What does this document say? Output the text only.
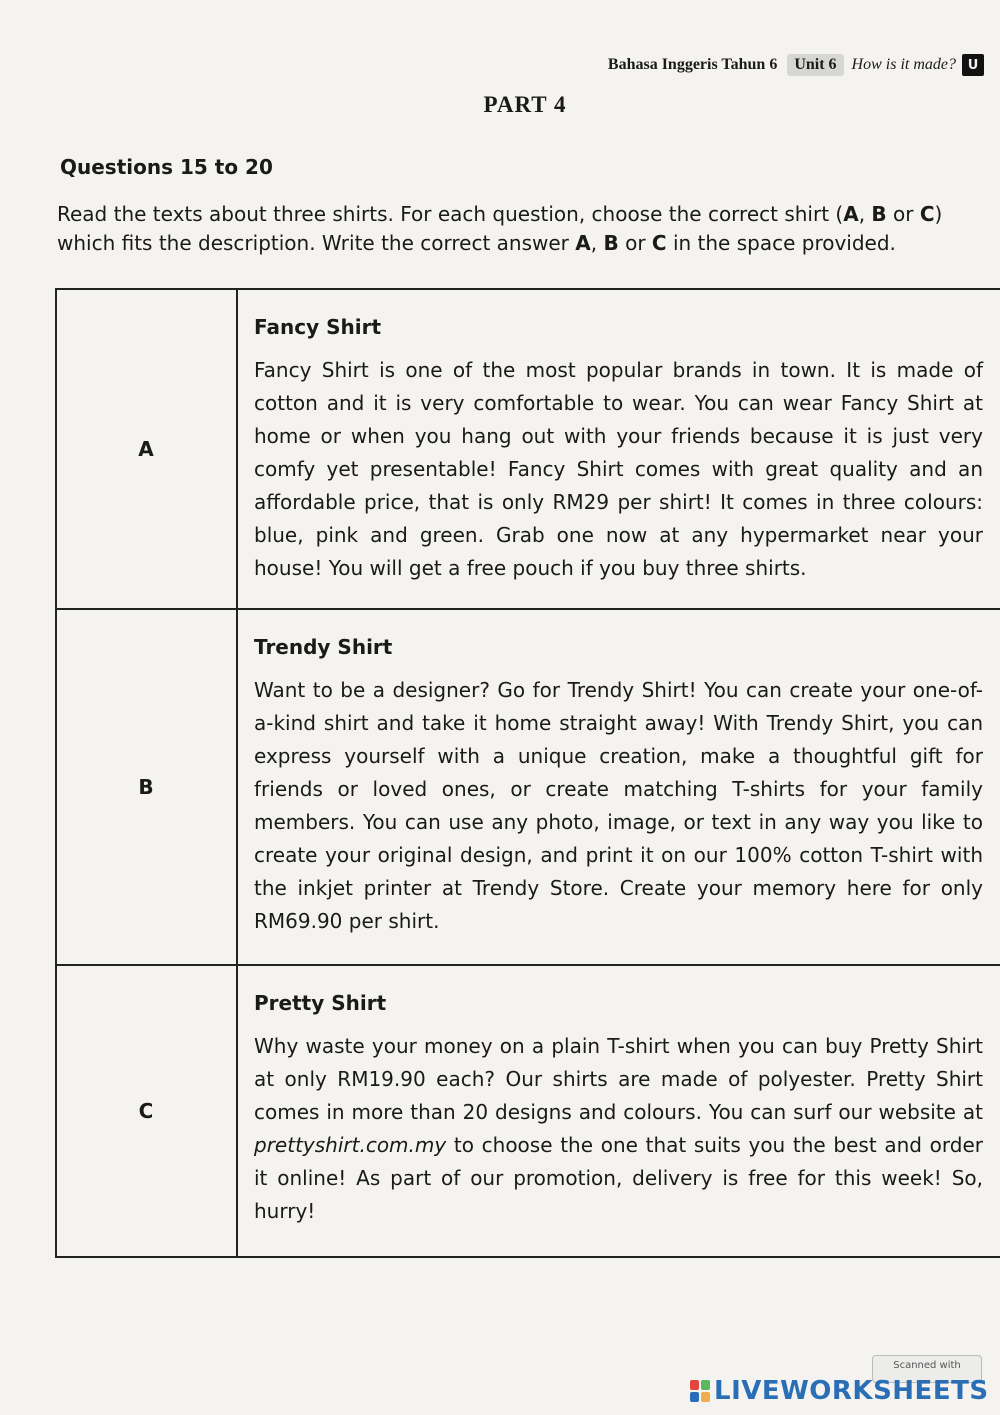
Bahasa Inggeris Tahun 6	Unit 6 How is it made? U
PART 4
Questions 15 to 20
Read the texts about three shirts. For each question, choose the correct shirt (A, B or C) which fits the description. Write the correct answer A, B or C in the space provided.
A	Fancy Shirt
Fancy Shirt is one of the most popular brands in town. It is made of cotton and it is very comfortable to wear. You can wear Fancy Shirt at home or when you hang out with your friends because it is just very comfy yet presentable! Fancy Shirt comes with great quality and an affordable price, that is only RM29 per shirt! It comes in three colours: blue, pink and green. Grab one now at any hypermarket near your house! You will get a free pouch if you buy three shirts.

B	Trendy Shirt
Want to be a designer? Go for Trendy Shirt! You can create your one-of-a-kind shirt and take it home straight away! With Trendy Shirt, you can express yourself with a unique creation, make a thoughtful gift for friends or loved ones, or create matching T-shirts for your family members. You can use any photo, image, or text in any way you like to create your original design, and print it on our 100% cotton T-shirt with the inkjet printer at Trendy Store. Create your memory here for only RM69.90 per shirt.

C	Pretty Shirt
Why waste your money on a plain T-shirt when you can buy Pretty Shirt at only RM19.90 each? Our shirts are made of polyester. Pretty Shirt comes in more than 20 designs and colours. You can surf our website at prettyshirt.com.my to choose the one that suits you the best and order it online! As part of our promotion, delivery is free for this week! So, hurry!
Scanned with
LIVEWORKSHEETS
